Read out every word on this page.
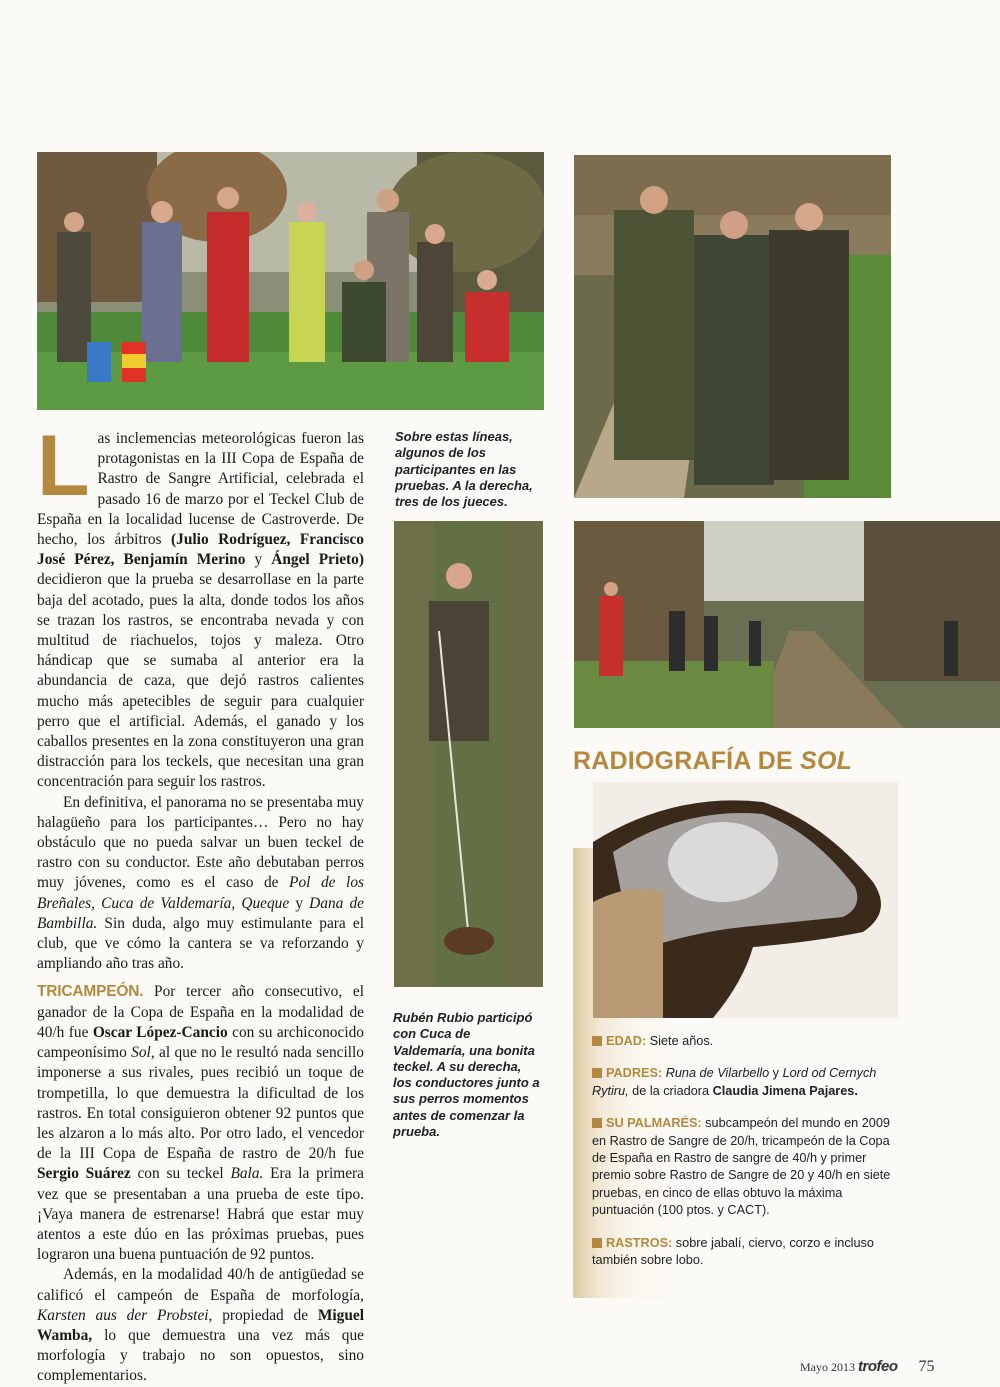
RADIOGRAFÍA DE SOL

Las inclemencias meteorológicas fueron las protagonistas en la III Copa de España de Rastro de Sangre Artificial, celebrada el pasado 16 de marzo por el Teckel Club de España en la localidad lucense de Castroverde. De hecho, los árbitros (Julio Rodríguez, Francisco José Pérez, Benjamín Merino y Ángel Prieto) decidieron que la prueba se desarrollase en la parte baja del acotado, pues la alta, donde todos los años se trazan los rastros, se encontraba nevada y con multitud de riachuelos, tojos y maleza. Otro hándicap que se sumaba al anterior era la abundancia de caza, que dejó rastros calientes mucho más apetecibles de seguir para cualquier perro que el artificial. Además, el ganado y los caballos presentes en la zona constituyeron una gran distracción para los teckels, que necesitan una gran concentración para seguir los rastros.

En definitiva, el panorama no se presentaba muy halagüeño para los participantes… Pero no hay obstáculo que no pueda salvar un buen teckel de rastro con su conductor. Este año debutaban perros muy jóvenes, como es el caso de Pol de los Breñales, Cuca de Valdemaría, Queque y Dana de Bambilla. Sin duda, algo muy estimulante para el club, que ve cómo la cantera se va reforzando y ampliando año tras año.

TRICAMPEÓN. Por tercer año consecutivo, el ganador de la Copa de España en la modalidad de 40/h fue Oscar López-Cancio con su archiconocido campeonísimo Sol, al que no le resultó nada sencillo imponerse a sus rivales, pues recibió un toque de trompetilla, lo que demuestra la dificultad de los rastros. En total consiguieron obtener 92 puntos que les alzaron a lo más alto. Por otro lado, el vencedor de la III Copa de España de rastro de 20/h fue Sergio Suárez con su teckel Bala. Era la primera vez que se presentaban a una prueba de este tipo. ¡Vaya manera de estrenarse! Habrá que estar muy atentos a este dúo en las próximas pruebas, pues lograron una buena puntuación de 92 puntos.

Además, en la modalidad 40/h de antigüedad se calificó el campeón de España de morfología, Karsten aus der Probstei, propiedad de Miguel Wamba, lo que demuestra una vez más que morfología y trabajo no son opuestos, sino complementarios.

Sobre estas líneas, algunos de los participantes en las pruebas. A la derecha, tres de los jueces.
Rubén Rubio participó con Cuca de Valdemaría, una bonita teckel. A su derecha, los conductores junto a sus perros momentos antes de comenzar la prueba.
EDAD: Siete años.
PADRES: Runa de Vilarbello y Lord od Cernych Rytiru, de la criadora Claudia Jimena Pajares.
SU PALMARÉS: subcampeón del mundo en 2009 en Rastro de Sangre de 20/h, tricampeón de la Copa de España en Rastro de sangre de 40/h y primer premio sobre Rastro de Sangre de 20 y 40/h en siete pruebas, en cinco de ellas obtuvo la máxima puntuación (100 ptos. y CACT).
RASTROS: sobre jabalí, ciervo, corzo e incluso también sobre lobo.
Mayo 2013 trofeo 75
